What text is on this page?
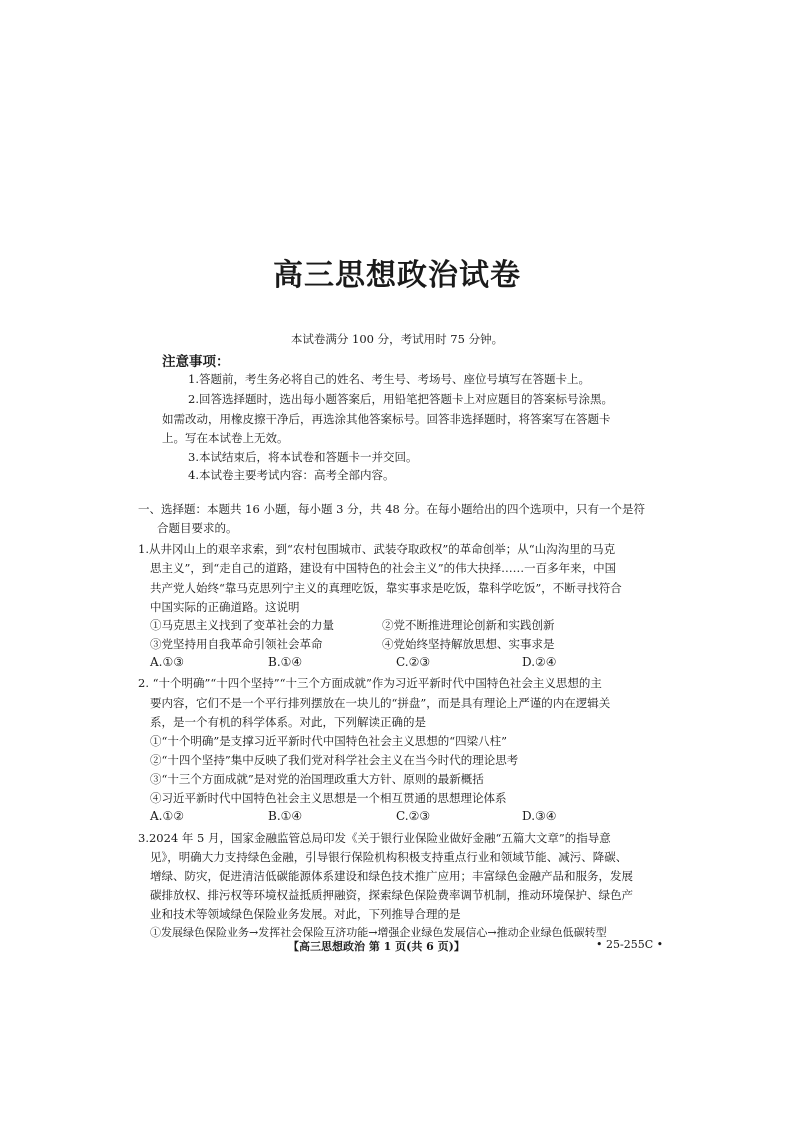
高三思想政治试卷
本试卷满分 100 分，考试用时 75 分钟。
注意事项：
1.答题前，考生务必将自己的姓名、考生号、考场号、座位号填写在答题卡上。
2.回答选择题时，选出每小题答案后，用铅笔把答题卡上对应题目的答案标号涂黑。
如需改动，用橡皮擦干净后，再选涂其他答案标号。回答非选择题时，将答案写在答题卡
上。写在本试卷上无效。
3.本试结束后，将本试卷和答题卡一并交回。
4.本试卷主要考试内容：高考全部内容。
一、选择题：本题共 16 小题，每小题 3 分，共 48 分。在每小题给出的四个选项中，只有一个是符
合题目要求的。
1.从井冈山上的艰辛求索，到“农村包围城市、武装夺取政权”的革命创举；从“山沟沟里的马克
思主义”，到“走自己的道路，建设有中国特色的社会主义”的伟大抉择……一百多年来，中国
共产党人始终“靠马克思列宁主义的真理吃饭，靠实事求是吃饭，靠科学吃饭”，不断寻找符合
中国实际的正确道路。这说明
①马克思主义找到了变革社会的力量	②党不断推进理论创新和实践创新
③党坚持用自我革命引领社会革命	④党始终坚持解放思想、实事求是
A.①③	B.①④	C.②③	D.②④
2. “十个明确”“十四个坚持”“十三个方面成就”作为习近平新时代中国特色社会主义思想的主
要内容，它们不是一个平行排列摆放在一块儿的“拼盘”，而是具有理论上严谨的内在逻辑关
系，是一个有机的科学体系。对此，下列解读正确的是
①“十个明确”是支撑习近平新时代中国特色社会主义思想的“四梁八柱”
②“十四个坚持”集中反映了我们党对科学社会主义在当今时代的理论思考
③“十三个方面成就”是对党的治国理政重大方针、原则的最新概括
④习近平新时代中国特色社会主义思想是一个相互贯通的思想理论体系
A.①②	B.①④	C.②③	D.③④
3.2024 年 5 月，国家金融监管总局印发《关于银行业保险业做好金融“五篇大文章”的指导意
见》，明确大力支持绿色金融，引导银行保险机构积极支持重点行业和领域节能、减污、降碳、
增绿、防灾，促进清洁低碳能源体系建设和绿色技术推广应用；丰富绿色金融产品和服务，发展
碳排放权、排污权等环境权益抵质押融资，探索绿色保险费率调节机制，推动环境保护、绿色产
业和技术等领域绿色保险业务发展。对此，下列推导合理的是
①发展绿色保险业务→发挥社会保险互济功能→增强企业绿色发展信心→推动企业绿色低碳转型
【高三思想政治 第 1 页(共 6 页)】	• 25-255C •
